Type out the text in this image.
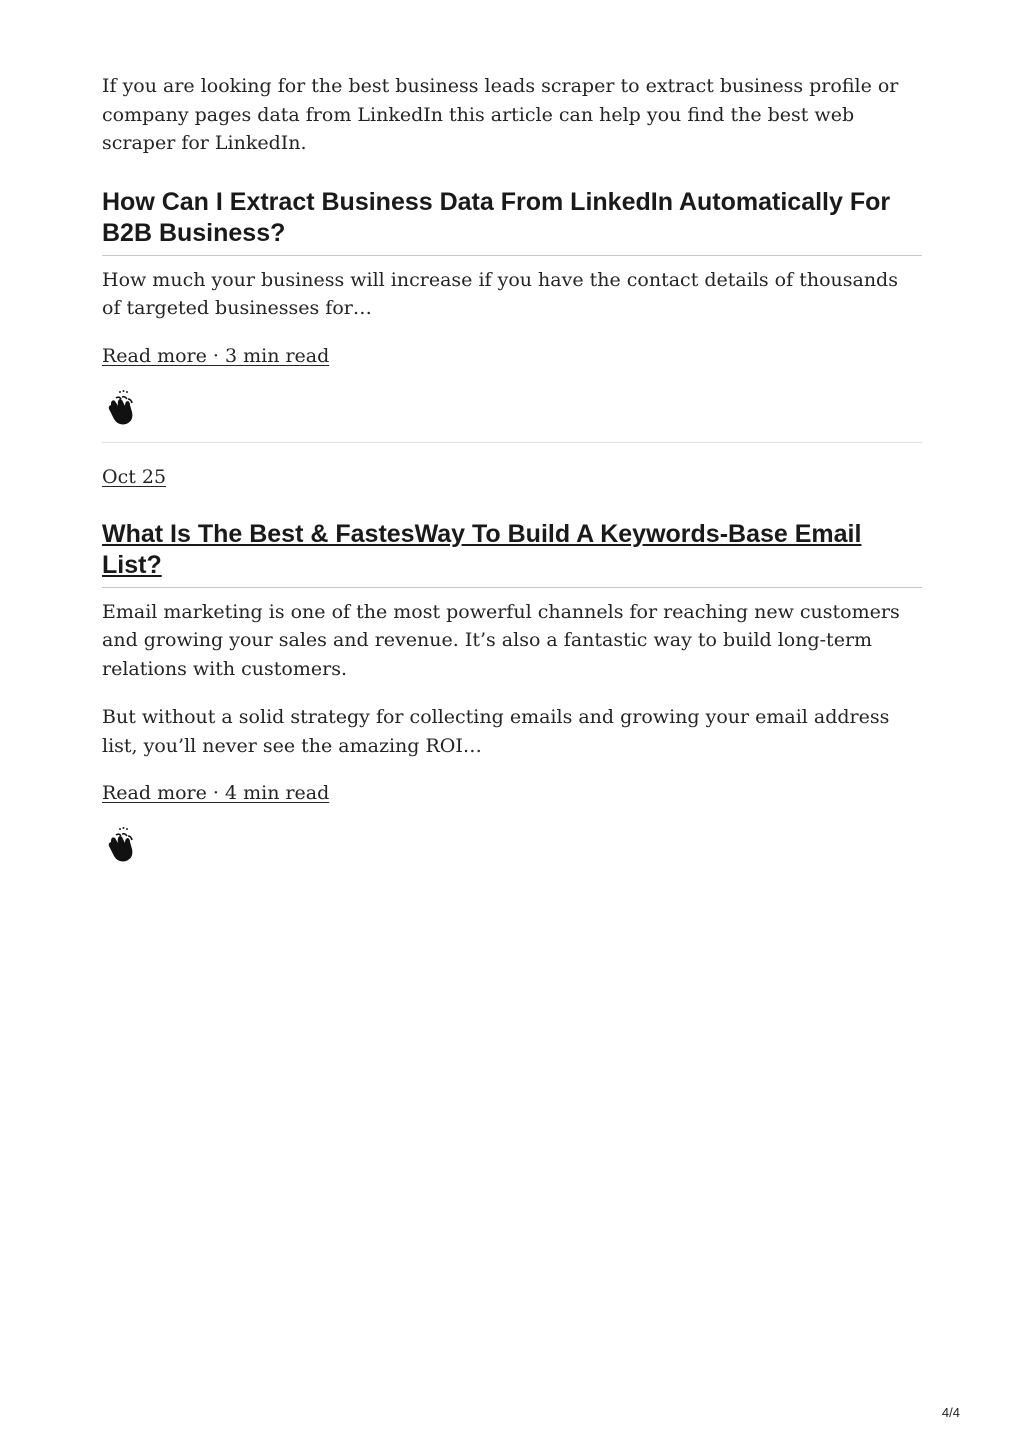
If you are looking for the best business leads scraper to extract business profile or company pages data from LinkedIn this article can help you find the best web scraper for LinkedIn.

How Can I Extract Business Data From LinkedIn Automatically For B2B Business?

How much your business will increase if you have the contact details of thousands of targeted businesses for…

Read more · 3 min read
Oct 25
What Is The Best & FastesWay To Build A Keywords-Base Email List?

Email marketing is one of the most powerful channels for reaching new customers and growing your sales and revenue. It’s also a fantastic way to build long-term relations with customers.

But without a solid strategy for collecting emails and growing your email address list, you’ll never see the amazing ROI…

Read more · 4 min read
4/4
